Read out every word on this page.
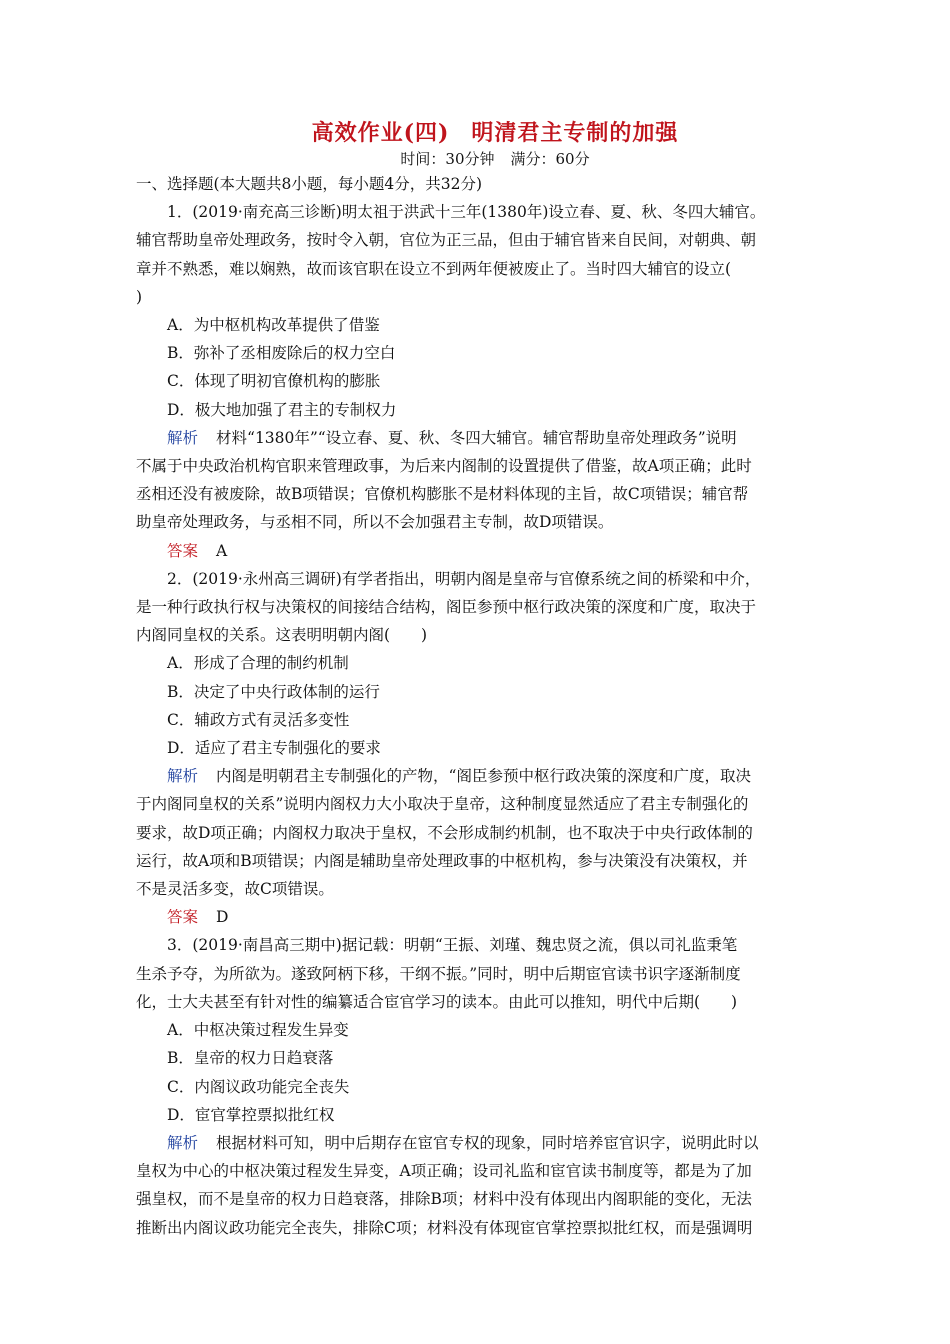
高效作业(四) 明清君主专制的加强
时间：30分钟 满分：60分
一、选择题(本大题共8小题，每小题4分，共32分)
1．(2019·南充高三诊断)明太祖于洪武十三年(1380年)设立春、夏、秋、冬四大辅官。
辅官帮助皇帝处理政务，按时令入朝，官位为正三品，但由于辅官皆来自民间，对朝典、朝
章并不熟悉，难以娴熟，故而该官职在设立不到两年便被废止了。当时四大辅官的设立(
)
A．为中枢机构改革提供了借鉴
B．弥补了丞相废除后的权力空白
C．体现了明初官僚机构的膨胀
D．极大地加强了君主的专制权力
解析 材料“1380年”“设立春、夏、秋、冬四大辅官。辅官帮助皇帝处理政务”说明
不属于中央政治机构官职来管理政事，为后来内阁制的设置提供了借鉴，故A项正确；此时
丞相还没有被废除，故B项错误；官僚机构膨胀不是材料体现的主旨，故C项错误；辅官帮
助皇帝处理政务，与丞相不同，所以不会加强君主专制，故D项错误。
答案 A
2．(2019·永州高三调研)有学者指出，明朝内阁是皇帝与官僚系统之间的桥梁和中介，
是一种行政执行权与决策权的间接结合结构，阁臣参预中枢行政决策的深度和广度，取决于
内阁同皇权的关系。这表明明朝内阁(　　)
A．形成了合理的制约机制
B．决定了中央行政体制的运行
C．辅政方式有灵活多变性
D．适应了君主专制强化的要求
解析 内阁是明朝君主专制强化的产物，“阁臣参预中枢行政决策的深度和广度，取决
于内阁同皇权的关系”说明内阁权力大小取决于皇帝，这种制度显然适应了君主专制强化的
要求，故D项正确；内阁权力取决于皇权，不会形成制约机制，也不取决于中央行政体制的
运行，故A项和B项错误；内阁是辅助皇帝处理政事的中枢机构，参与决策没有决策权，并
不是灵活多变，故C项错误。
答案 D
3．(2019·南昌高三期中)据记载：明朝“王振、刘瑾、魏忠贤之流，俱以司礼监秉笔
生杀予夺，为所欲为。遂致阿柄下移，干纲不振。”同时，明中后期宦官读书识字逐渐制度
化，士大夫甚至有针对性的编纂适合宦官学习的读本。由此可以推知，明代中后期(　　)
A．中枢决策过程发生异变
B．皇帝的权力日趋衰落
C．内阁议政功能完全丧失
D．宦官掌控票拟批红权
解析 根据材料可知，明中后期存在宦官专权的现象，同时培养宦官识字，说明此时以
皇权为中心的中枢决策过程发生异变，A项正确；设司礼监和宦官读书制度等，都是为了加
强皇权，而不是皇帝的权力日趋衰落，排除B项；材料中没有体现出内阁职能的变化，无法
推断出内阁议政功能完全丧失，排除C项；材料没有体现宦官掌控票拟批红权，而是强调明
